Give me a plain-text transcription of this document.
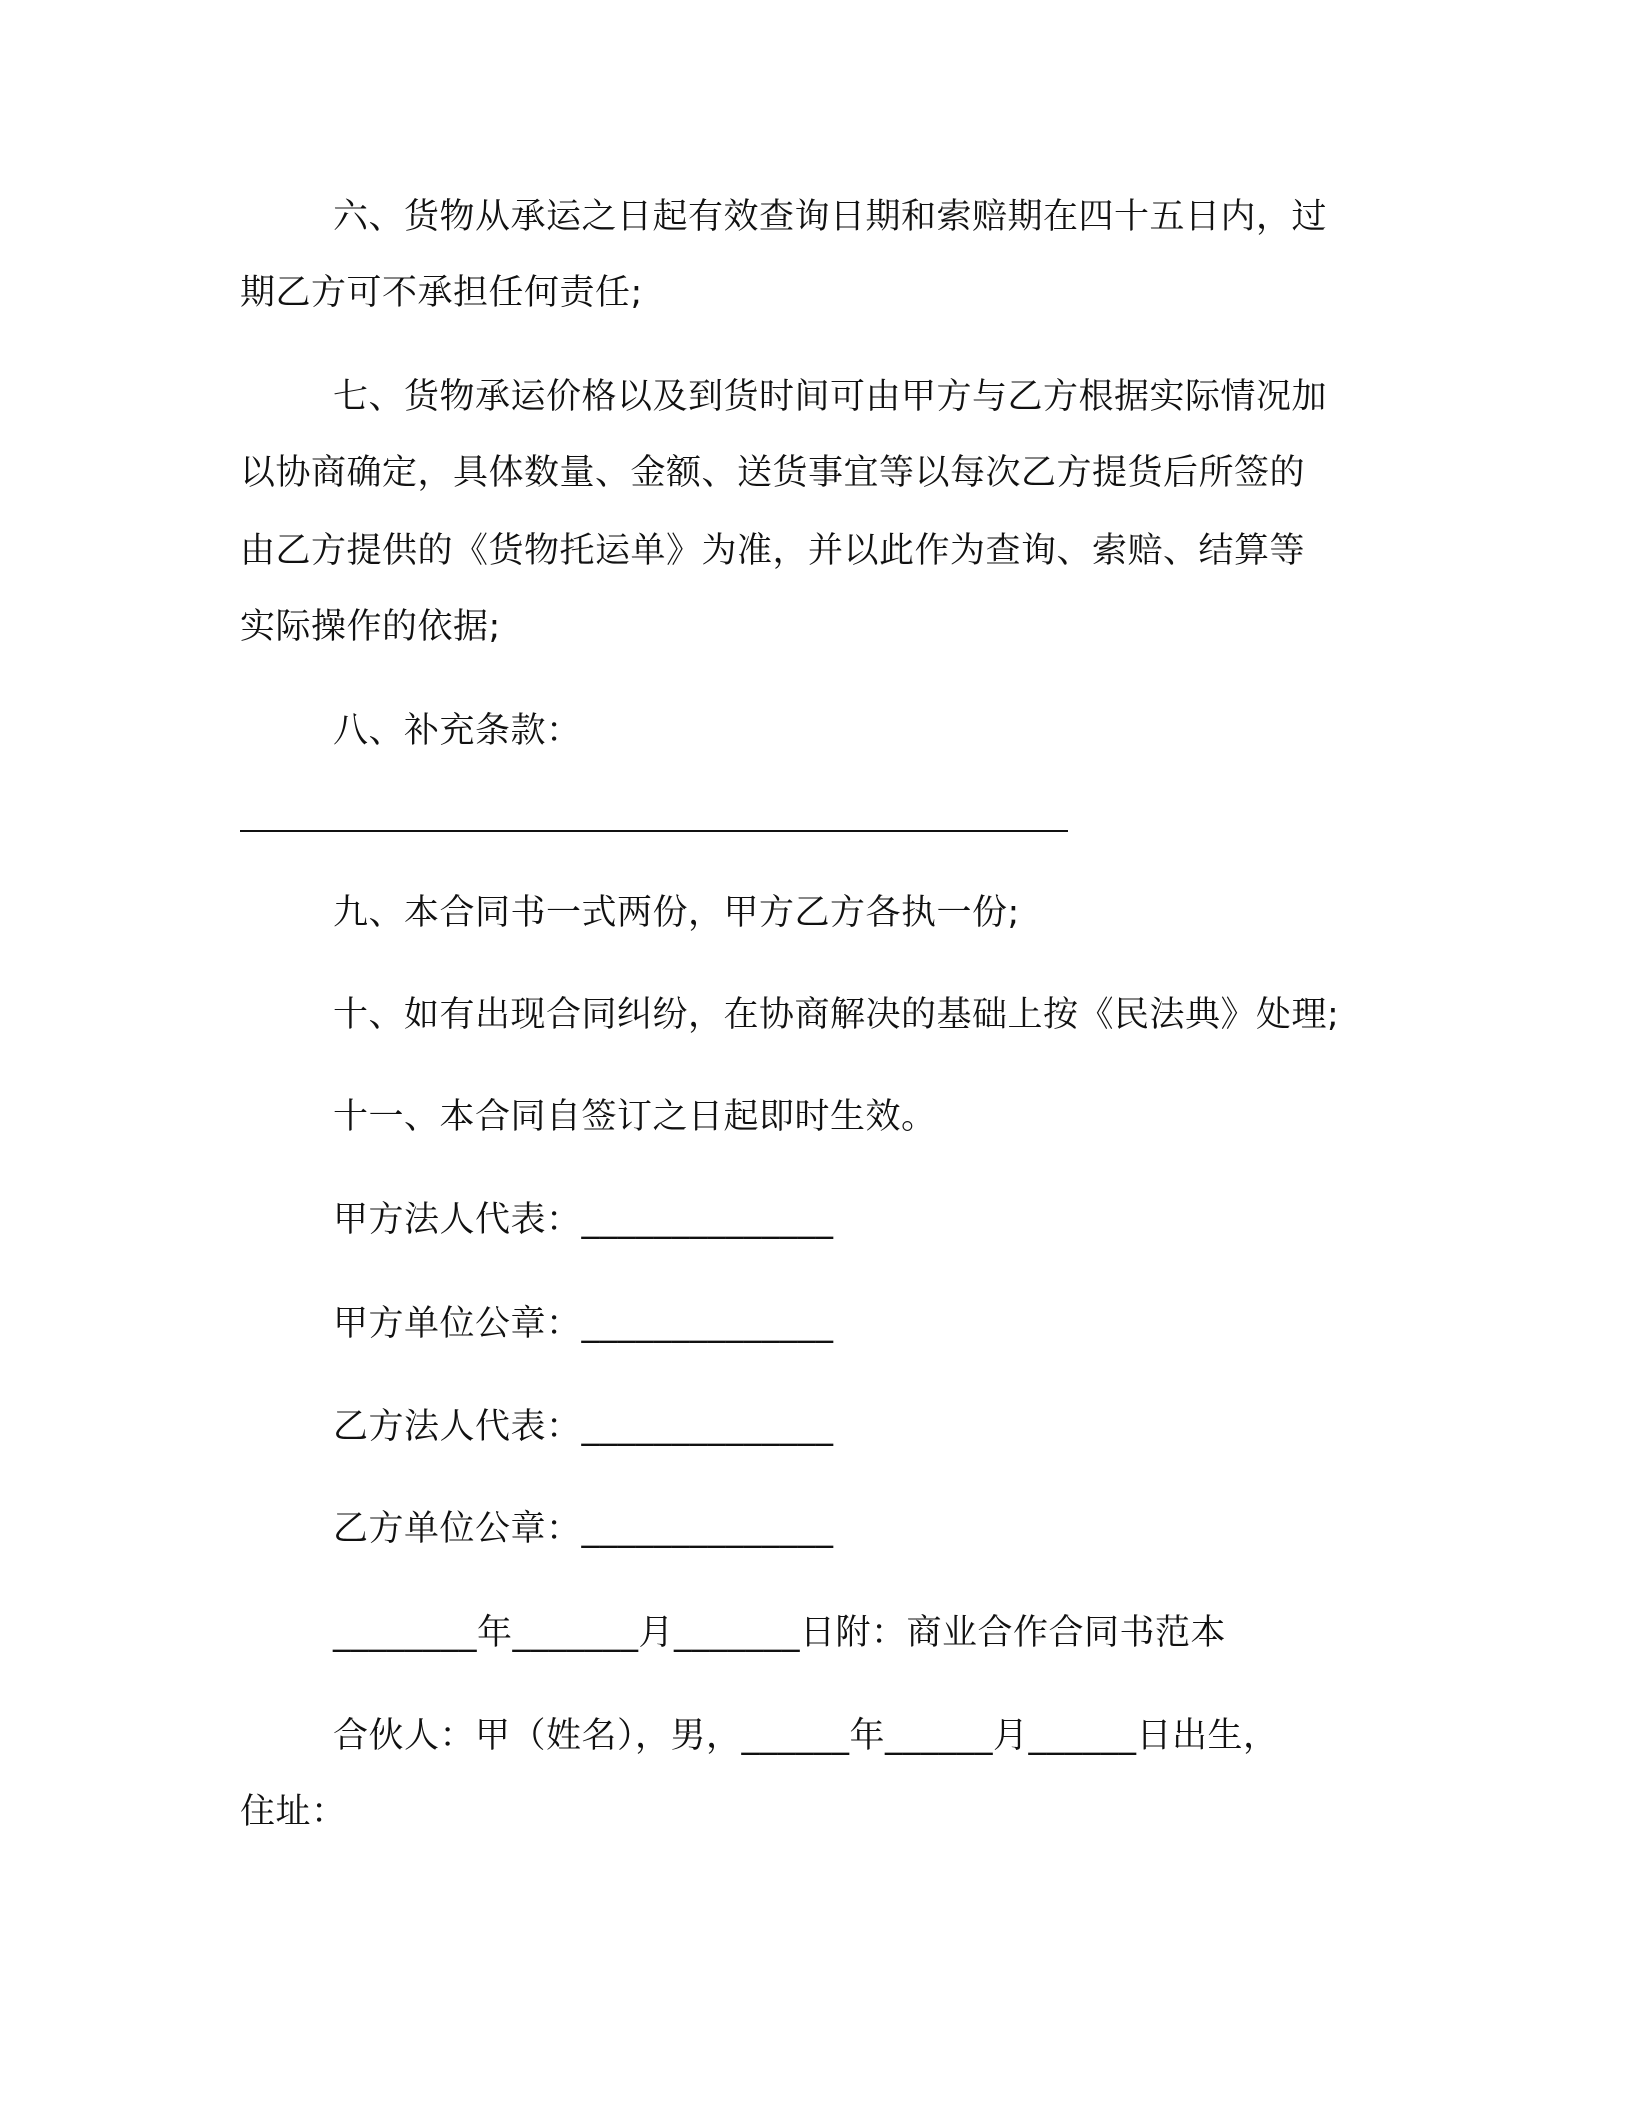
六、货物从承运之日起有效查询日期和索赔期在四十五日内，过
期乙方可不承担任何责任;
七、货物承运价格以及到货时间可由甲方与乙方根据实际情况加
以协商确定，具体数量、金额、送货事宜等以每次乙方提货后所签的
由乙方提供的《货物托运单》为准，并以此作为查询、索赔、结算等
实际操作的依据;
八、补充条款：
九、本合同书一式两份，甲方乙方各执一份;
十、如有出现合同纠纷，在协商解决的基础上按《民法典》处理;
十一、本合同自签订之日起即时生效。
甲方法人代表：______________
甲方单位公章：______________
乙方法人代表：______________
乙方单位公章：______________
________年_______月_______日附：商业合作合同书范本
合伙人：甲（姓名），男，______年______月______日出生，
住址：
